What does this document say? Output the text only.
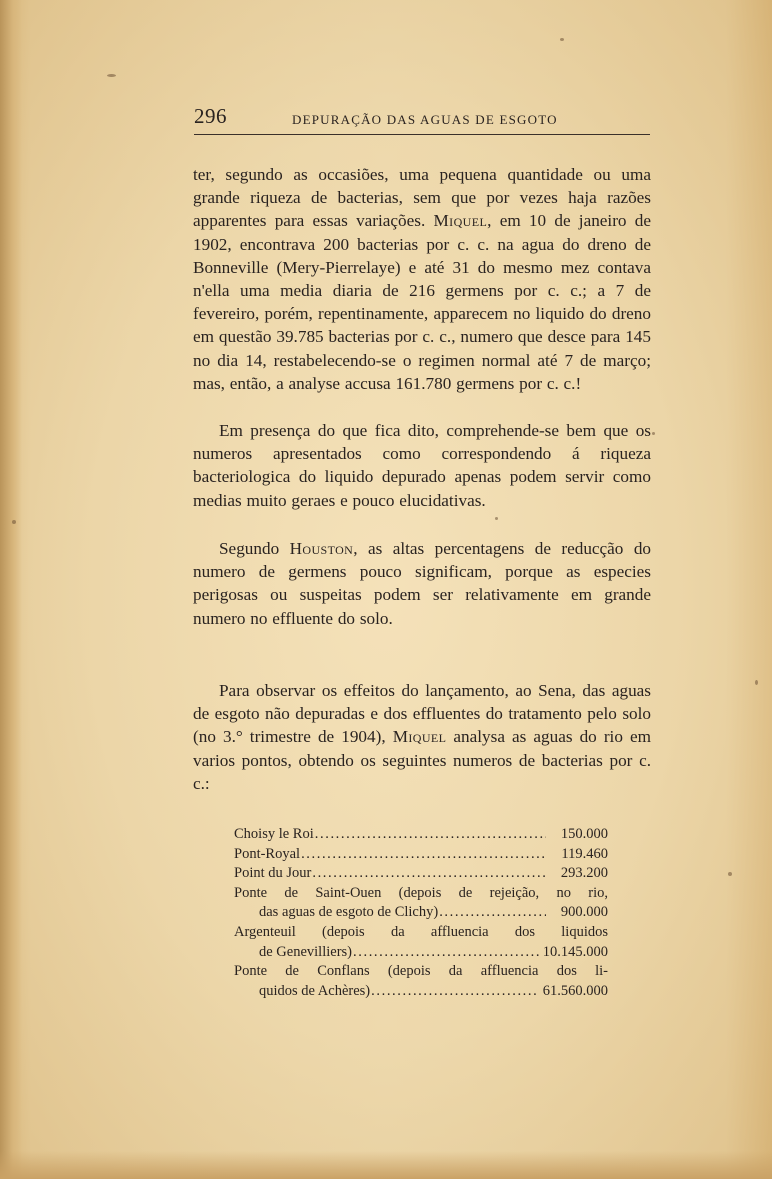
296	DEPURAÇÃO DAS AGUAS DE ESGOTO
ter, segundo as occasiões, uma pequena quantidade ou uma grande riqueza de bacterias, sem que por vezes haja razões apparentes para essas variações. Miquel, em 10 de janeiro de 1902, encontrava 200 bacterias por c. c. na agua do dreno de Bonneville (Mery-Pierrelaye) e até 31 do mesmo mez contava n'ella uma media diaria de 216 germens por c. c.; a 7 de fevereiro, porém, repentinamente, apparecem no liquido do dreno em questão 39.785 bacterias por c. c., numero que desce para 145 no dia 14, restabelecendo-se o regimen normal até 7 de março; mas, então, a analyse accusa 161.780 germens por c. c.!
Em presença do que fica dito, comprehende-se bem que os numeros apresentados como correspondendo á riqueza bacteriologica do liquido depurado apenas podem servir como medias muito geraes e pouco elucidativas.
Segundo Houston, as altas percentagens de reducção do numero de germens pouco significam, porque as especies perigosas ou suspeitas podem ser relativamente em grande numero no effluente do solo.
Para observar os effeitos do lançamento, ao Sena, das aguas de esgoto não depuradas e dos effluentes do tratamento pelo solo (no 3.° trimestre de 1904), Miquel analysa as aguas do rio em varios pontos, obtendo os seguintes numeros de bacterias por c. c.:
Choisy le Roi .....	150.000
Pont-Royal .....	119.460
Point du Jour .....	293.200
Ponte de Saint-Ouen (depois de rejeição, no rio,
das aguas de esgoto de Clichy) .....	900.000
Argenteuil (depois da affluencia dos liquidos
de Genevilliers) .....	10.145.000
Ponte de Conflans (depois da affluencia dos li-
quidos de Achères) .....	61.560.000
